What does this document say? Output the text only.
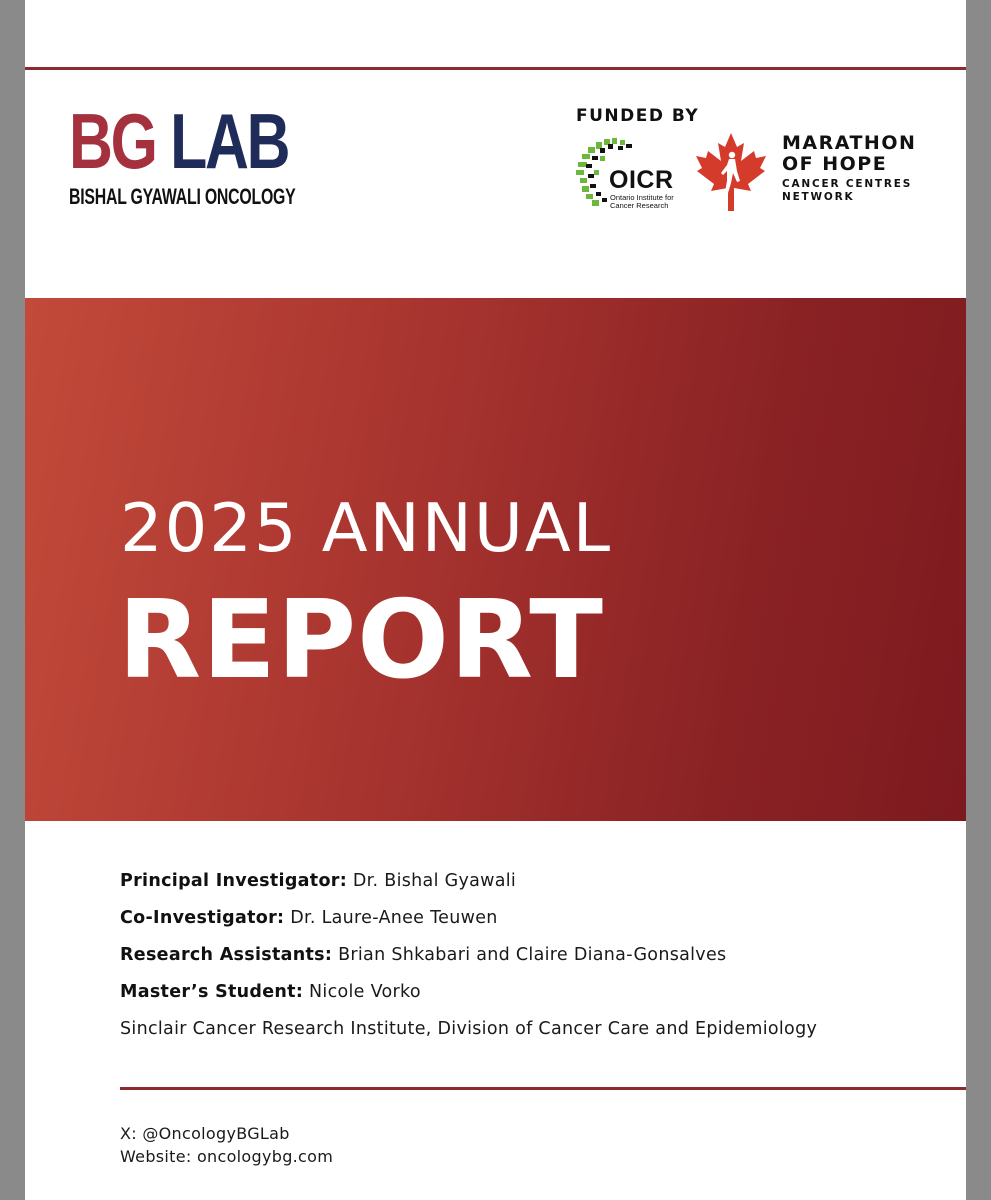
BG LAB
BISHAL GYAWALI ONCOLOGY
FUNDED BY
OICR
Ontario Institute for Cancer Research
MARATHON
OF HOPE
CANCER CENTRES
NETWORK
2025 ANNUAL
REPORT
Principal Investigator: Dr. Bishal Gyawali
Co-Investigator: Dr. Laure-Anee Teuwen
Research Assistants: Brian Shkabari and Claire Diana-Gonsalves
Master’s Student: Nicole Vorko
Sinclair Cancer Research Institute, Division of Cancer Care and Epidemiology
X: @OncologyBGLab
Website: oncologybg.com
